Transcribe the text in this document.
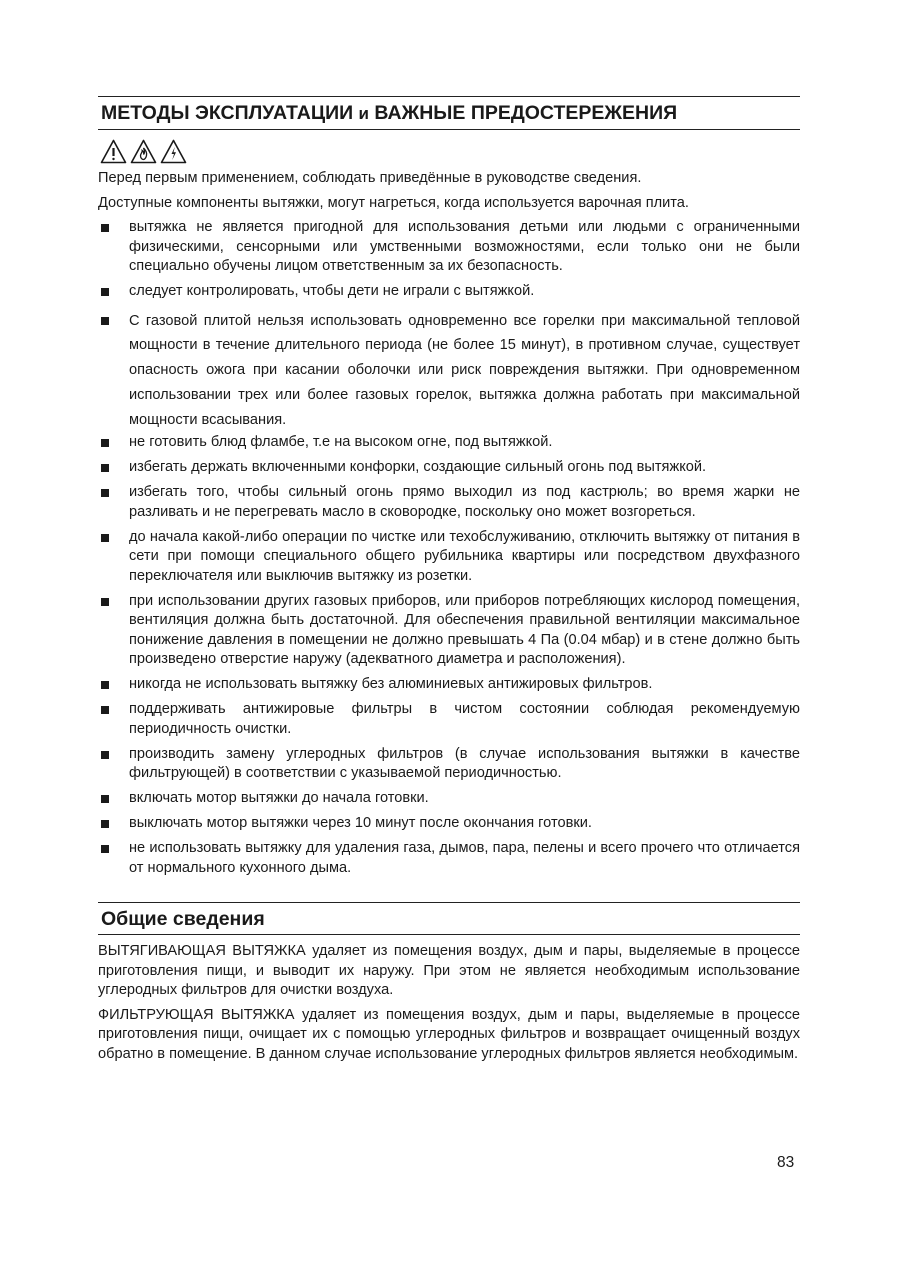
МЕТОДЫ ЭКСПЛУАТАЦИИ и ВАЖНЫЕ ПРЕДОСТЕРЕЖЕНИЯ

Перед первым применением, соблюдать приведённые в руководстве сведения.

Доступные компоненты вытяжки, могут нагреться, когда используется варочная плита.

вытяжка не является пригодной для использования детьми или людьми с ограниченными физическими, сенсорными или умственными возможностями, если только они не были специально обучены лицом ответственным за их безопасность.
следует контролировать, чтобы дети не играли с вытяжкой.
С газовой плитой нельзя использовать одновременно все горелки при максимальной тепловой мощности в течение длительного периода (не более 15 минут), в противном случае, существует опасность ожога при касании оболочки или риск повреждения вытяжки. При одновременном использовании трех или более газовых горелок, вытяжка должна работать при максимальной мощности всасывания.
не готовить блюд фламбе, т.е на высоком огне, под вытяжкой.
избегать держать включенными конфорки, создающие сильный огонь под вытяжкой.
избегать того, чтобы сильный огонь прямо выходил из под кастрюль; во время жарки не разливать и не перегревать масло в сковородке, поскольку оно может возгореться.
до начала какой-либо операции по чистке или техобслуживанию, отключить вытяжку от питания в сети при помощи специального общего рубильника квартиры или посредством двухфазного переключателя или выключив вытяжку из розетки.
при использовании других газовых приборов, или приборов потребляющих кислород помещения, вентиляция должна быть достаточной. Для обеспечения правильной вентиляции максимальное понижение давления в помещении не должно превышать 4 Па (0.04 мбар) и в стене должно быть произведено отверстие наружу (адекватного диаметра и расположения).
никогда не использовать вытяжку без алюминиевых антижировых фильтров.
поддерживать антижировые фильтры в чистом состоянии соблюдая рекомендуемую периодичность очистки.
производить замену углеродных фильтров (в случае использования вытяжки в качестве фильтрующей) в соответствии с указываемой периодичностью.
включать мотор вытяжки до начала готовки.
выключать мотор вытяжки через 10 минут после окончания готовки.
не использовать вытяжку для удаления газа, дымов, пара, пелены и всего прочего что отличается от нормального кухонного дыма.
Общие сведения

ВЫТЯГИВАЮЩАЯ ВЫТЯЖКА удаляет из помещения воздух, дым и пары, выделяемые в процессе приготовления пищи, и выводит их наружу. При этом не является необходимым использование углеродных фильтров для очистки воздуха.

ФИЛЬТРУЮЩАЯ ВЫТЯЖКА удаляет из помещения воздух, дым и пары, выделяемые в процессе приготовления пищи, очищает их с помощью углеродных фильтров и возвращает очищенный воздух обратно в помещение. В данном случае использование углеродных фильтров является необходимым.

83
